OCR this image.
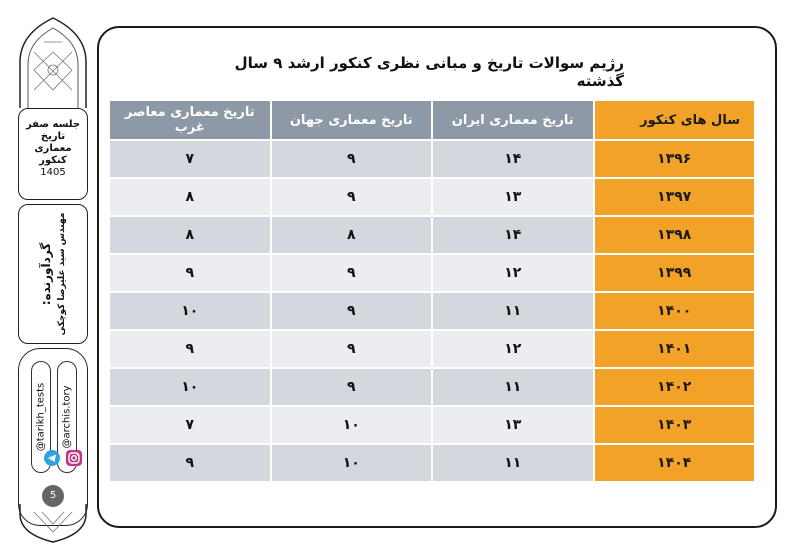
جلسه صفر
تاریخ
معماری
کنکور
1405
گردآورنده: مهندس سید علیرضا کوچکی
@tarikh_tests @archis.tory
5
رژیم سوالات تاریخ و مبانی نظری کنکور ارشد ۹ سال گذشته
تاریخ معماری معاصر غرب	تاریخ معماری جهان	تاریخ معماری ایران	سال های کنکور
۷	۹	۱۴	۱۳۹۶
۸	۹	۱۳	۱۳۹۷
۸	۸	۱۴	۱۳۹۸
۹	۹	۱۲	۱۳۹۹
۱۰	۹	۱۱	۱۴۰۰
۹	۹	۱۲	۱۴۰۱
۱۰	۹	۱۱	۱۴۰۲
۷	۱۰	۱۳	۱۴۰۳
۹	۱۰	۱۱	۱۴۰۴
